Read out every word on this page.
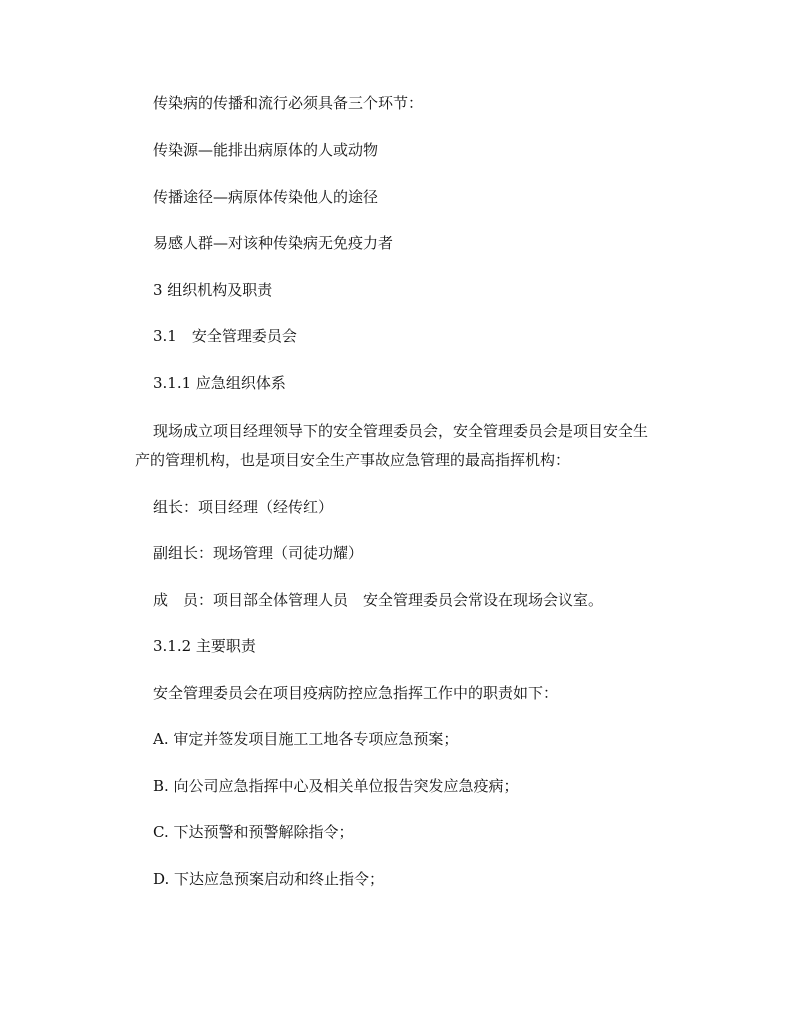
传染病的传播和流行必须具备三个环节：

传染源—能排出病原体的人或动物

传播途径—病原体传染他人的途径

易感人群—对该种传染病无免疫力者

3 组织机构及职责

3.1　安全管理委员会

3.1.1 应急组织体系

现场成立项目经理领导下的安全管理委员会，安全管理委员会是项目安全生
产的管理机构，也是项目安全生产事故应急管理的最高指挥机构：

组长：项目经理（经传红）

副组长：现场管理（司徒功耀）

成　员：项目部全体管理人员　安全管理委员会常设在现场会议室。

3.1.2 主要职责

安全管理委员会在项目疫病防控应急指挥工作中的职责如下：

A. 审定并签发项目施工工地各专项应急预案；

B. 向公司应急指挥中心及相关单位报告突发应急疫病；

C. 下达预警和预警解除指令；

D. 下达应急预案启动和终止指令；
